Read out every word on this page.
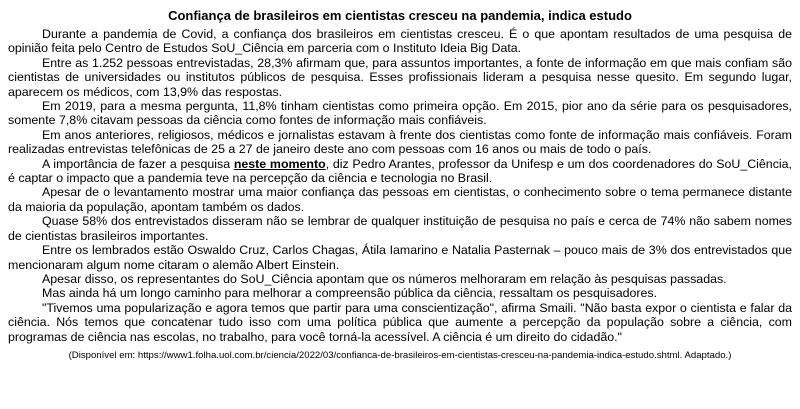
Confiança de brasileiros em cientistas cresceu na pandemia, indica estudo

Durante a pandemia de Covid, a confiança dos brasileiros em cientistas cresceu. É o que apontam resultados de uma pesquisa de opinião feita pelo Centro de Estudos SoU_Ciência em parceria com o Instituto Ideia Big Data.

Entre as 1.252 pessoas entrevistadas, 28,3% afirmam que, para assuntos importantes, a fonte de informação em que mais confiam são cientistas de universidades ou institutos públicos de pesquisa. Esses profissionais lideram a pesquisa nesse quesito. Em segundo lugar, aparecem os médicos, com 13,9% das respostas.

Em 2019, para a mesma pergunta, 11,8% tinham cientistas como primeira opção. Em 2015, pior ano da série para os pesquisadores, somente 7,8% citavam pessoas da ciência como fontes de informação mais confiáveis.

Em anos anteriores, religiosos, médicos e jornalistas estavam à frente dos cientistas como fonte de informação mais confiáveis. Foram realizadas entrevistas telefônicas de 25 a 27 de janeiro deste ano com pessoas com 16 anos ou mais de todo o país.

A importância de fazer a pesquisa neste momento, diz Pedro Arantes, professor da Unifesp e um dos coordenadores do SoU_Ciência, é captar o impacto que a pandemia teve na percepção da ciência e tecnologia no Brasil.

Apesar de o levantamento mostrar uma maior confiança das pessoas em cientistas, o conhecimento sobre o tema permanece distante da maioria da população, apontam também os dados.

Quase 58% dos entrevistados disseram não se lembrar de qualquer instituição de pesquisa no país e cerca de 74% não sabem nomes de cientistas brasileiros importantes.

Entre os lembrados estão Oswaldo Cruz, Carlos Chagas, Átila Iamarino e Natalia Pasternak – pouco mais de 3% dos entrevistados que mencionaram algum nome citaram o alemão Albert Einstein.

Apesar disso, os representantes do SoU_Ciência apontam que os números melhoraram em relação às pesquisas passadas.

Mas ainda há um longo caminho para melhorar a compreensão pública da ciência, ressaltam os pesquisadores.

"Tivemos uma popularização e agora temos que partir para uma conscientização", afirma Smaili. "Não basta expor o cientista e falar da ciência. Nós temos que concatenar tudo isso com uma política pública que aumente a percepção da população sobre a ciência, com programas de ciência nas escolas, no trabalho, para você torná-la acessível. A ciência é um direito do cidadão."

(Disponível em: https://www1.folha.uol.com.br/ciencia/2022/03/confianca-de-brasileiros-em-cientistas-cresceu-na-pandemia-indica-estudo.shtml. Adaptado.)
